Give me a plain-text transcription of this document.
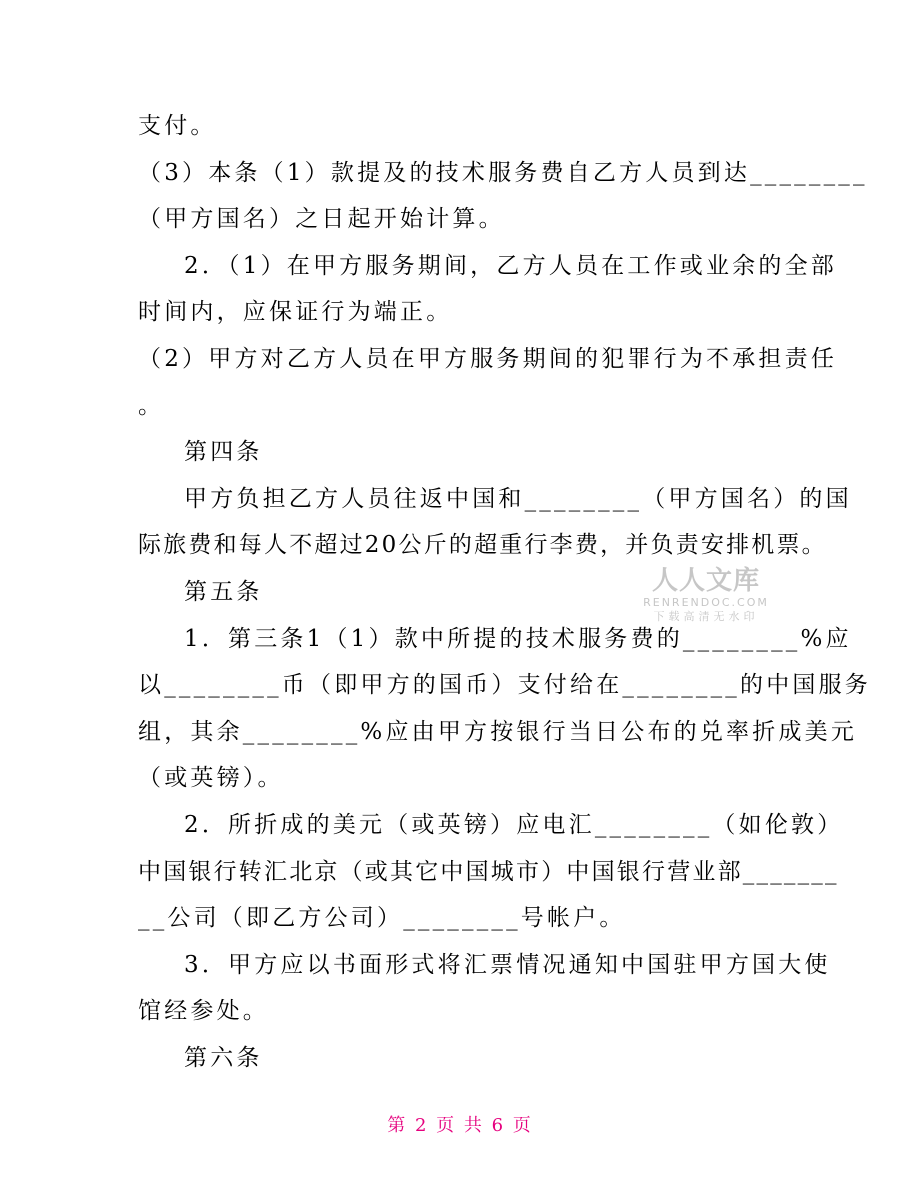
支付。
（3）本条（1）款提及的技术服务费自乙方人员到达________
（甲方国名）之日起开始计算。
2．（1）在甲方服务期间，乙方人员在工作或业余的全部
时间内，应保证行为端正。
（2）甲方对乙方人员在甲方服务期间的犯罪行为不承担责任
。
第四条
甲方负担乙方人员往返中国和________（甲方国名）的国
际旅费和每人不超过20公斤的超重行李费，并负责安排机票。
第五条
1．第三条1（1）款中所提的技术服务费的________%应
以________币（即甲方的国币）支付给在________的中国服务
组，其余________%应由甲方按银行当日公布的兑率折成美元
（或英镑）。
2．所折成的美元（或英镑）应电汇________（如伦敦）
中国银行转汇北京（或其它中国城市）中国银行营业部_______
__公司（即乙方公司）________号帐户。
3．甲方应以书面形式将汇票情况通知中国驻甲方国大使
馆经参处。
第六条
人人文库
RENRENDOC.COM
下载高清无水印
第 2 页 共 6 页
